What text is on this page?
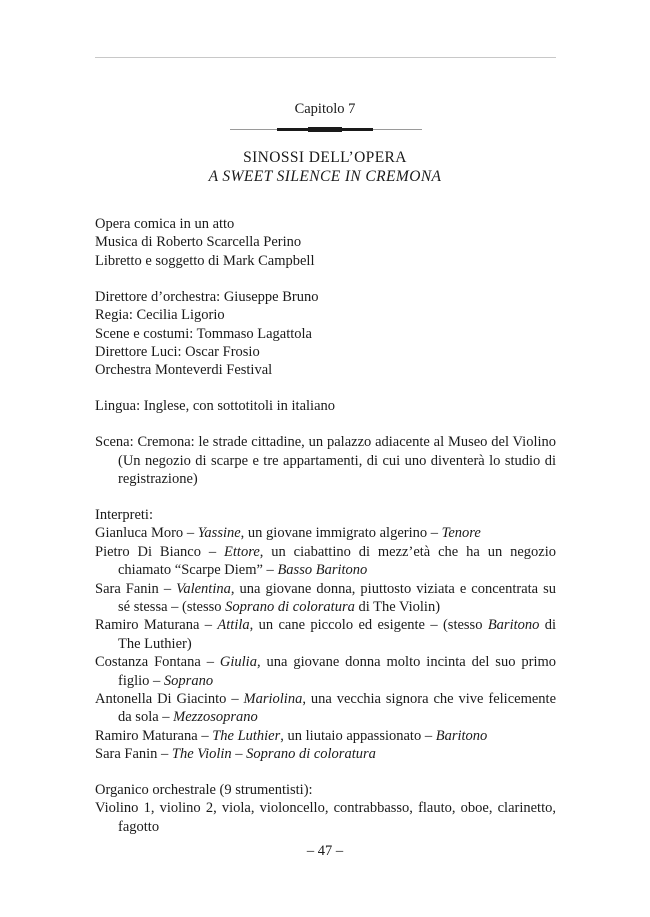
Capitolo 7
SINOSSI DELL’OPERA
A SWEET SILENCE IN CREMONA
Opera comica in un atto
Musica di Roberto Scarcella Perino
Libretto e soggetto di Mark Campbell
Direttore d’orchestra: Giuseppe Bruno
Regia: Cecilia Ligorio
Scene e costumi: Tommaso Lagattola
Direttore Luci: Oscar Frosio
Orchestra Monteverdi Festival
Lingua: Inglese, con sottotitoli in italiano
Scena: Cremona: le strade cittadine, un palazzo adiacente al Museo del Violino (Un negozio di scarpe e tre appartamenti, di cui uno diventerà lo studio di registrazione)
Interpreti:
Gianluca Moro – Yassine, un giovane immigrato algerino – Tenore
Pietro Di Bianco – Ettore, un ciabattino di mezz’età che ha un negozio chiamato “Scarpe Diem” – Basso Baritono
Sara Fanin – Valentina, una giovane donna, piuttosto viziata e concentrata su sé stessa – (stesso Soprano di coloratura di The Violin)
Ramiro Maturana – Attila, un cane piccolo ed esigente – (stesso Baritono di The Luthier)
Costanza Fontana – Giulia, una giovane donna molto incinta del suo primo figlio – Soprano
Antonella Di Giacinto – Mariolina, una vecchia signora che vive felicemente da sola – Mezzosoprano
Ramiro Maturana – The Luthier, un liutaio appassionato – Baritono
Sara Fanin – The Violin – Soprano di coloratura
Organico orchestrale (9 strumentisti):
Violino 1, violino 2, viola, violoncello, contrabbasso, flauto, oboe, clarinetto, fagotto
– 47 –
